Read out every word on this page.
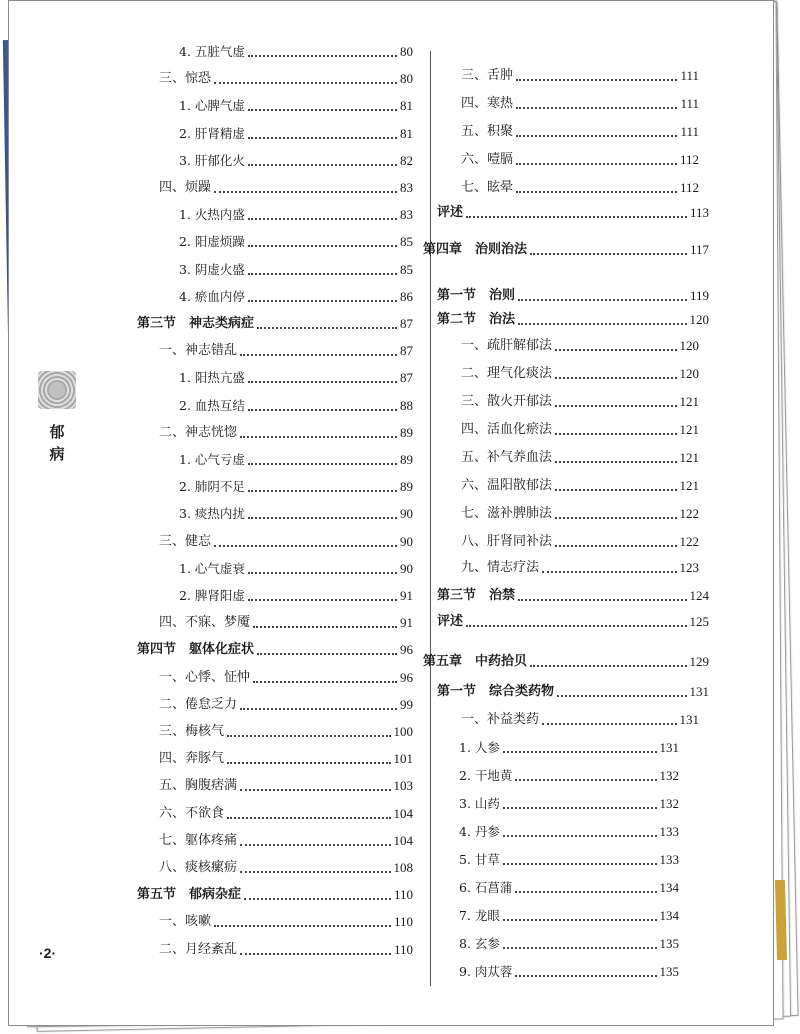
郁
病
·2·
4. 五脏气虚	80
三、惊恐	80
1. 心脾气虚	81
2. 肝肾精虚	81
3. 肝郁化火	82
四、烦躁	83
1. 火热内盛	83
2. 阳虚烦躁	85
3. 阴虚火盛	85
4. 瘀血内停	86
第三节　神志类病症	87
一、神志错乱	87
1. 阳热亢盛	87
2. 血热互结	88
二、神志恍惚	89
1. 心气亏虚	89
2. 肺阴不足	89
3. 痰热内扰	90
三、健忘	90
1. 心气虚衰	90
2. 脾肾阳虚	91
四、不寐、梦魇	91
第四节　躯体化症状	96
一、心悸、怔忡	96
二、倦怠乏力	99
三、梅核气	100
四、奔豚气	101
五、胸腹痞满	103
六、不欲食	104
七、躯体疼痛	104
八、痰核瘰疬	108
第五节　郁病杂症	110
一、咳嗽	110
二、月经紊乱	110
三、舌肿	111
四、寒热	111
五、积聚	111
六、噎膈	112
七、眩晕	112
评述	113
第四章　治则治法	117
第一节　治则	119
第二节　治法	120
一、疏肝解郁法	120
二、理气化痰法	120
三、散火开郁法	121
四、活血化瘀法	121
五、补气养血法	121
六、温阳散郁法	121
七、滋补脾肺法	122
八、肝肾同补法	122
九、情志疗法	123
第三节　治禁	124
评述	125
第五章　中药拾贝	129
第一节　综合类药物	131
一、补益类药	131
1. 人参	131
2. 干地黄	132
3. 山药	132
4. 丹参	133
5. 甘草	133
6. 石菖蒲	134
7. 龙眼	134
8. 玄参	135
9. 肉苁蓉	135
